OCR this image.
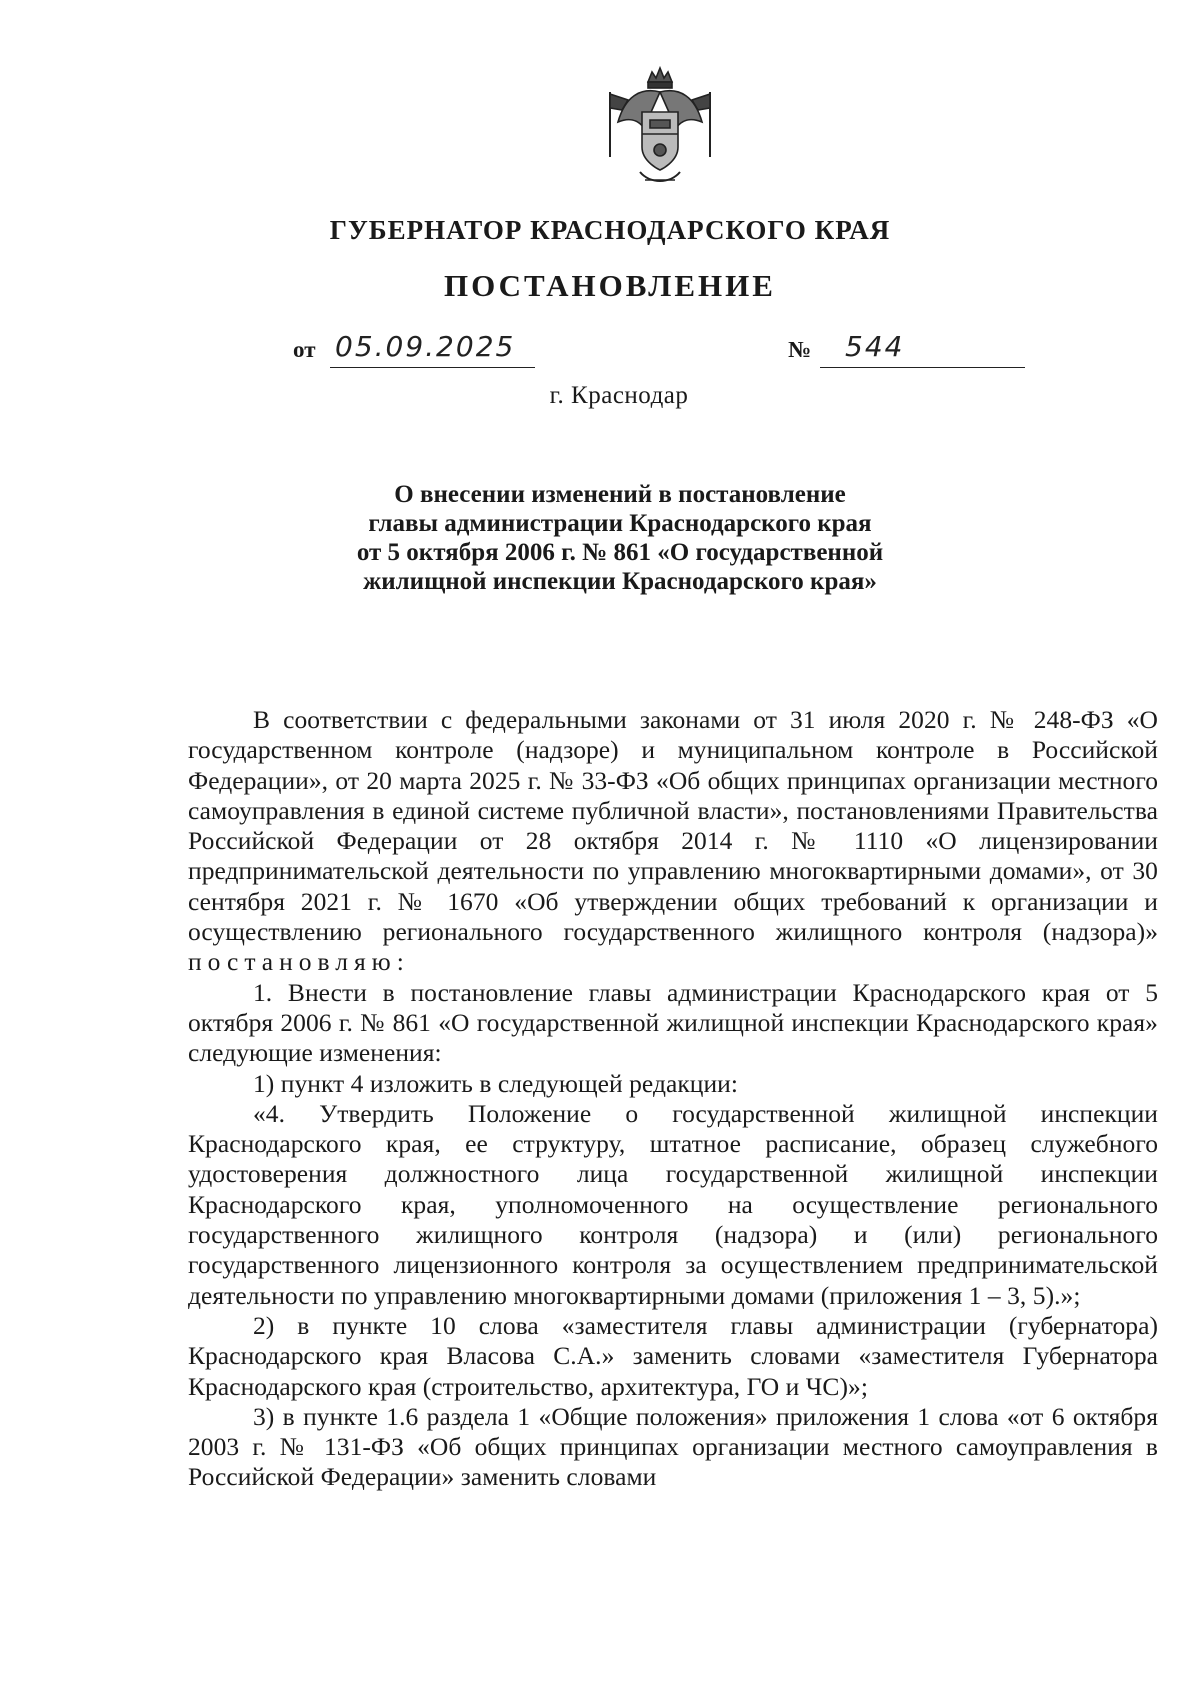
ГУБЕРНАТОР КРАСНОДАРСКОГО КРАЯ
ПОСТАНОВЛЕНИЕ
от 05.09.2025	№ 544
г. Краснодар
О внесении изменений в постановление
главы администрации Краснодарского края
от 5 октября 2006 г. № 861 «О государственной
жилищной инспекции Краснодарского края»

В соответствии с федеральными законами от 31 июля 2020 г. № 248-ФЗ «О государственном контроле (надзоре) и муниципальном контроле в Российской Федерации», от 20 марта 2025 г. № 33-ФЗ «Об общих принципах организации местного самоуправления в единой системе публичной власти», постановлениями Правительства Российской Федерации от 28 октября 2014 г. № 1110 «О лицензировании предпринимательской деятельности по управлению многоквартирными домами», от 30 сентября 2021 г. № 1670 «Об утверждении общих требований к организации и осуществлению регионального государственного жилищного контроля (надзора)» постановляю:

1. Внести в постановление главы администрации Краснодарского края от 5 октября 2006 г. № 861 «О государственной жилищной инспекции Краснодарского края» следующие изменения:

1) пункт 4 изложить в следующей редакции:

«4. Утвердить Положение о государственной жилищной инспекции Краснодарского края, ее структуру, штатное расписание, образец служебного удостоверения должностного лица государственной жилищной инспекции Краснодарского края, уполномоченного на осуществление регионального государственного жилищного контроля (надзора) и (или) регионального государственного лицензионного контроля за осуществлением предпринимательской деятельности по управлению многоквартирными домами (приложения 1 – 3, 5).»;

2) в пункте 10 слова «заместителя главы администрации (губернатора) Краснодарского края Власова С.А.» заменить словами «заместителя Губернатора Краснодарского края (строительство, архитектура, ГО и ЧС)»;

3) в пункте 1.6 раздела 1 «Общие положения» приложения 1 слова «от 6 октября 2003 г. № 131-ФЗ «Об общих принципах организации местного самоуправления в Российской Федерации» заменить словами
